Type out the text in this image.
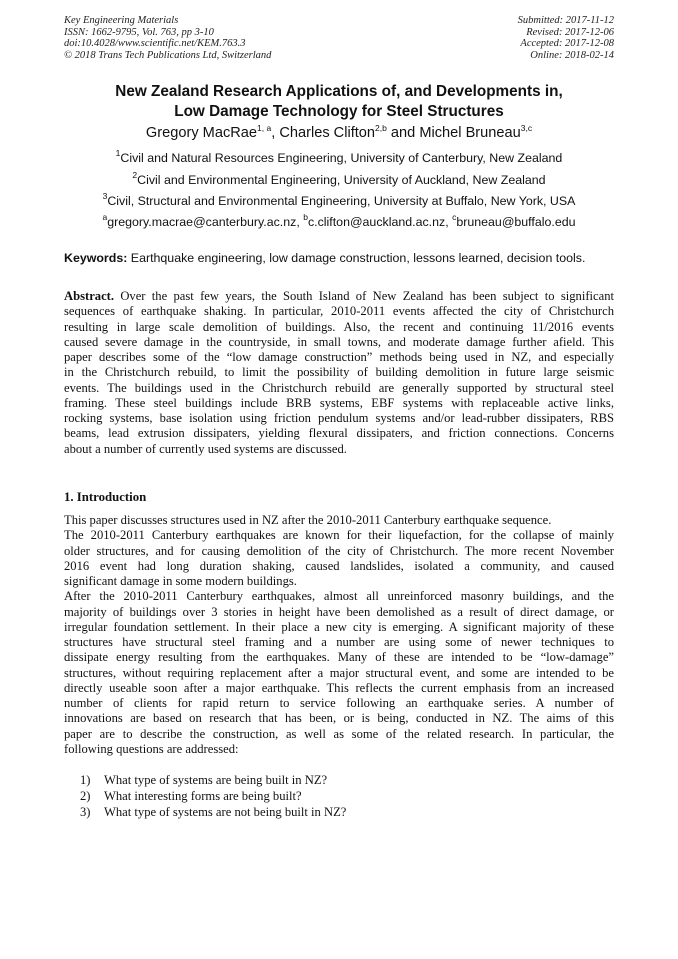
Key Engineering Materials
ISSN: 1662-9795, Vol. 763, pp 3-10
doi:10.4028/www.scientific.net/KEM.763.3
© 2018 Trans Tech Publications Ltd, Switzerland
Submitted: 2017-11-12
Revised: 2017-12-06
Accepted: 2017-12-08
Online: 2018-02-14
New Zealand Research Applications of, and Developments in,
Low Damage Technology for Steel Structures
Gregory MacRae$^{1, a}$, Charles Clifton$^{2,b}$ and Michel Bruneau$^{3,c}$
$^1$Civil and Natural Resources Engineering, University of Canterbury, New Zealand
$^2$Civil and Environmental Engineering, University of Auckland, New Zealand
$^3$Civil, Structural and Environmental Engineering, University at Buffalo, New York, USA
$^a$gregory.macrae@canterbury.ac.nz, $^b$c.clifton@auckland.ac.nz, $^c$bruneau@buffalo.edu
Keywords: Earthquake engineering, low damage construction, lessons learned, decision tools.
Abstract. Over the past few years, the South Island of New Zealand has been subject to significant
sequences of earthquake shaking. In particular, 2010-2011 events affected the city of Christchurch
resulting in large scale demolition of buildings. Also, the recent and continuing 11/2016 events
caused severe damage in the countryside, in small towns, and moderate damage further afield. This
paper describes some of the “low damage construction” methods being used in NZ, and especially
in the Christchurch rebuild, to limit the possibility of building demolition in future large seismic
events. The buildings used in the Christchurch rebuild are generally supported by structural steel
framing. These steel buildings include BRB systems, EBF systems with replaceable active links,
rocking systems, base isolation using friction pendulum systems and/or lead-rubber dissipaters, RBS
beams, lead extrusion dissipaters, yielding flexural dissipaters, and friction connections. Concerns
about a number of currently used systems are discussed.
1. Introduction
This paper discusses structures used in NZ after the 2010-2011 Canterbury earthquake sequence.
The 2010-2011 Canterbury earthquakes are known for their liquefaction, for the collapse of mainly
older structures, and for causing demolition of the city of Christchurch. The more recent November
2016 event had long duration shaking, caused landslides, isolated a community, and caused
significant damage in some modern buildings.
After the 2010-2011 Canterbury earthquakes, almost all unreinforced masonry buildings, and the
majority of buildings over 3 stories in height have been demolished as a result of direct damage, or
irregular foundation settlement. In their place a new city is emerging. A significant majority of these
structures have structural steel framing and a number are using some of newer techniques to
dissipate energy resulting from the earthquakes. Many of these are intended to be “low-damage”
structures, without requiring replacement after a major structural event, and some are intended to be
directly useable soon after a major earthquake. This reflects the current emphasis from an increased
number of clients for rapid return to service following an earthquake series. A number of
innovations are based on research that has been, or is being, conducted in NZ. The aims of this
paper are to describe the construction, as well as some of the related research. In particular, the
following questions are addressed:
1) What type of systems are being built in NZ?
2) What interesting forms are being built?
3) What type of systems are not being built in NZ?
